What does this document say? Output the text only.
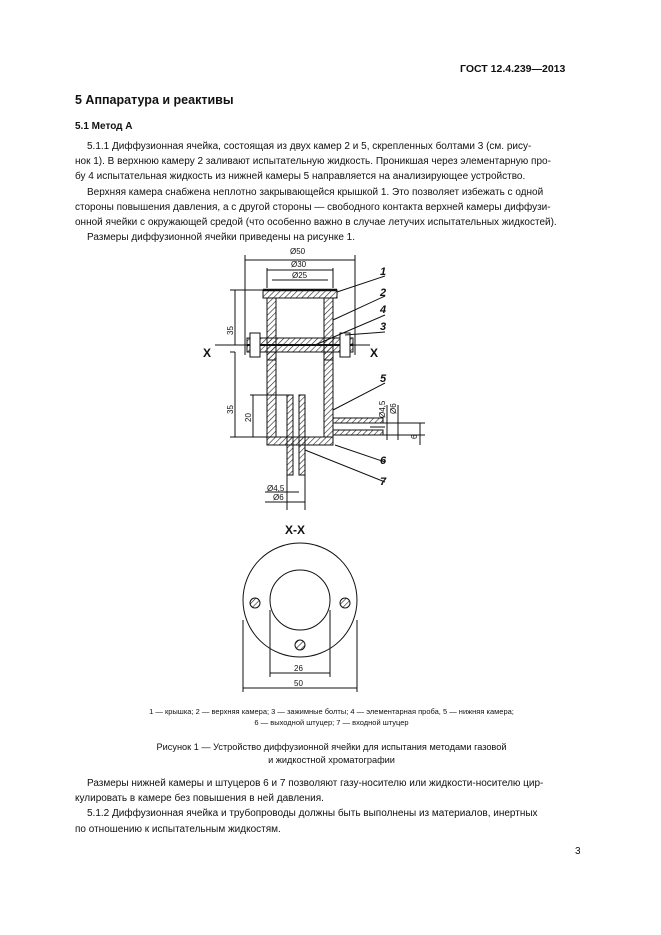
ГОСТ 12.4.239—2013
5 Аппаратура и реактивы
5.1 Метод А
5.1.1 Диффузионная ячейка, состоящая из двух камер 2 и 5, скрепленных болтами 3 (см. рису-
нок 1). В верхнюю камеру 2 заливают испытательную жидкость. Проникшая через элементарную про-
бу 4 испытательная жидкость из нижней камеры 5 направляется на анализирующее устройство.
Верхняя камера снабжена неплотно закрывающейся крышкой 1. Это позволяет избежать с одной
стороны повышения давления, а с другой стороны — свободного контакта верхней камеры диффузи-
онной ячейки с окружающей средой (что особенно важно в случае летучих испытательных жидкостей).
Размеры диффузионной ячейки приведены на рисунке 1.
Ø50
Ø30
Ø25
35
35
20	Ø4,5 Ø6
6
Ø4,5
Ø6
26
50
1
2
4
3
5
6
7
X	X
X-X
1 — крышка; 2 — верхняя камера; 3 — зажимные болты; 4 — элементарная проба, 5 — нижняя камера;
6 — выходной штуцер; 7 — входной штуцер
Рисунок 1 — Устройство диффузионной ячейки для испытания методами газовой
и жидкостной хроматографии
Размеры нижней камеры и штуцеров 6 и 7 позволяют газу-носителю или жидкости-носителю цир-
кулировать в камере без повышения в ней давления.
5.1.2 Диффузионная ячейка и трубопроводы должны быть выполнены из материалов, инертных
по отношению к испытательным жидкостям.
3
